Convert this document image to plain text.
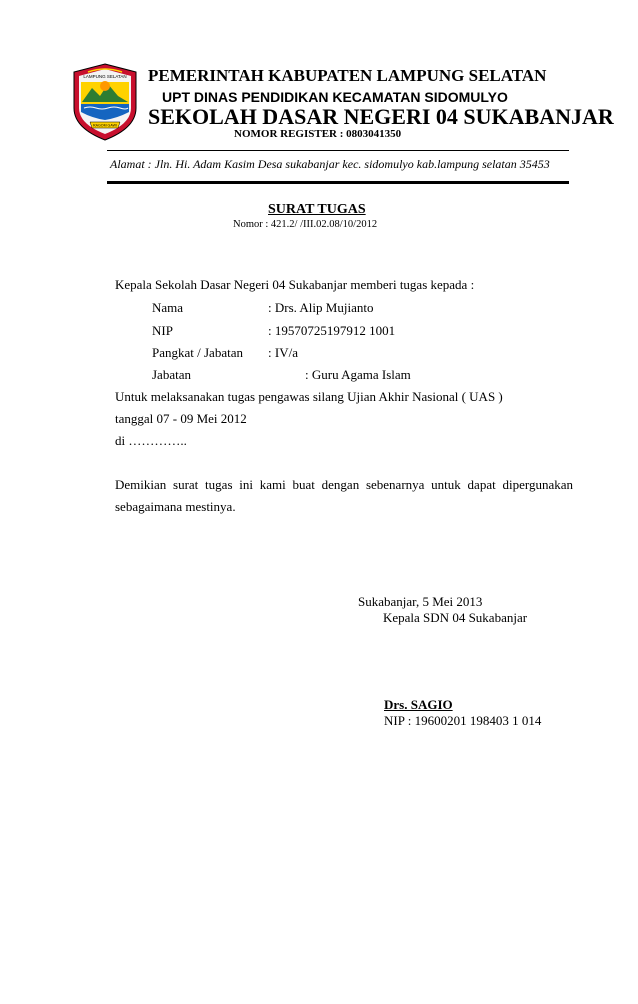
LAMPUNG SELATAN
RAGOM GAWI
PEMERINTAH KABUPATEN LAMPUNG SELATAN
UPT DINAS PENDIDIKAN KECAMATAN SIDOMULYO
SEKOLAH DASAR NEGERI 04 SUKABANJAR
NOMOR REGISTER : 0803041350
Alamat : Jln. Hi. Adam Kasim Desa sukabanjar kec. sidomulyo kab.lampung selatan 35453
SURAT TUGAS
Nomor : 421.2/ /III.02.08/10/2012
Kepala Sekolah Dasar Negeri 04 Sukabanjar memberi tugas kepada :
Nama	: Drs. Alip Mujianto
NIP	: 19570725197912 1001
Pangkat / Jabatan : IV/a
Jabatan	: Guru Agama Islam
Untuk melaksanakan tugas pengawas silang Ujian Akhir Nasional ( UAS )
tanggal 07 - 09 Mei 2012
di …………..
Demikian surat tugas ini kami buat dengan sebenarnya untuk dapat dipergunakan
sebagaimana mestinya.
Sukabanjar, 5 Mei 2013
Kepala SDN 04 Sukabanjar
Drs. SAGIO
NIP : 19600201 198403 1 014
